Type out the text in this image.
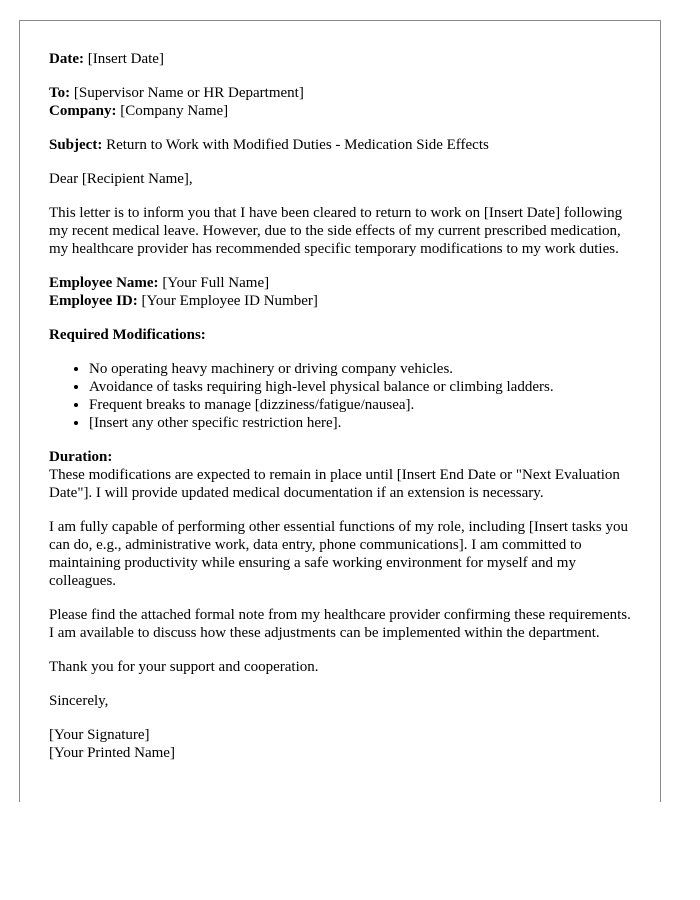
Date: [Insert Date]

To: [Supervisor Name or HR Department]
Company: [Company Name]

Subject: Return to Work with Modified Duties - Medication Side Effects

Dear [Recipient Name],

This letter is to inform you that I have been cleared to return to work on [Insert Date] following my recent medical leave. However, due to the side effects of my current prescribed medication, my healthcare provider has recommended specific temporary modifications to my work duties.

Employee Name: [Your Full Name]
Employee ID: [Your Employee ID Number]

Required Modifications:

• No operating heavy machinery or driving company vehicles.
• Avoidance of tasks requiring high-level physical balance or climbing ladders.
• Frequent breaks to manage [dizziness/fatigue/nausea].
• [Insert any other specific restriction here].

Duration:
These modifications are expected to remain in place until [Insert End Date or "Next Evaluation Date"]. I will provide updated medical documentation if an extension is necessary.

I am fully capable of performing other essential functions of my role, including [Insert tasks you can do, e.g., administrative work, data entry, phone communications]. I am committed to maintaining productivity while ensuring a safe working environment for myself and my colleagues.

Please find the attached formal note from my healthcare provider confirming these requirements. I am available to discuss how these adjustments can be implemented within the department.

Thank you for your support and cooperation.

Sincerely,

[Your Signature]
[Your Printed Name]
